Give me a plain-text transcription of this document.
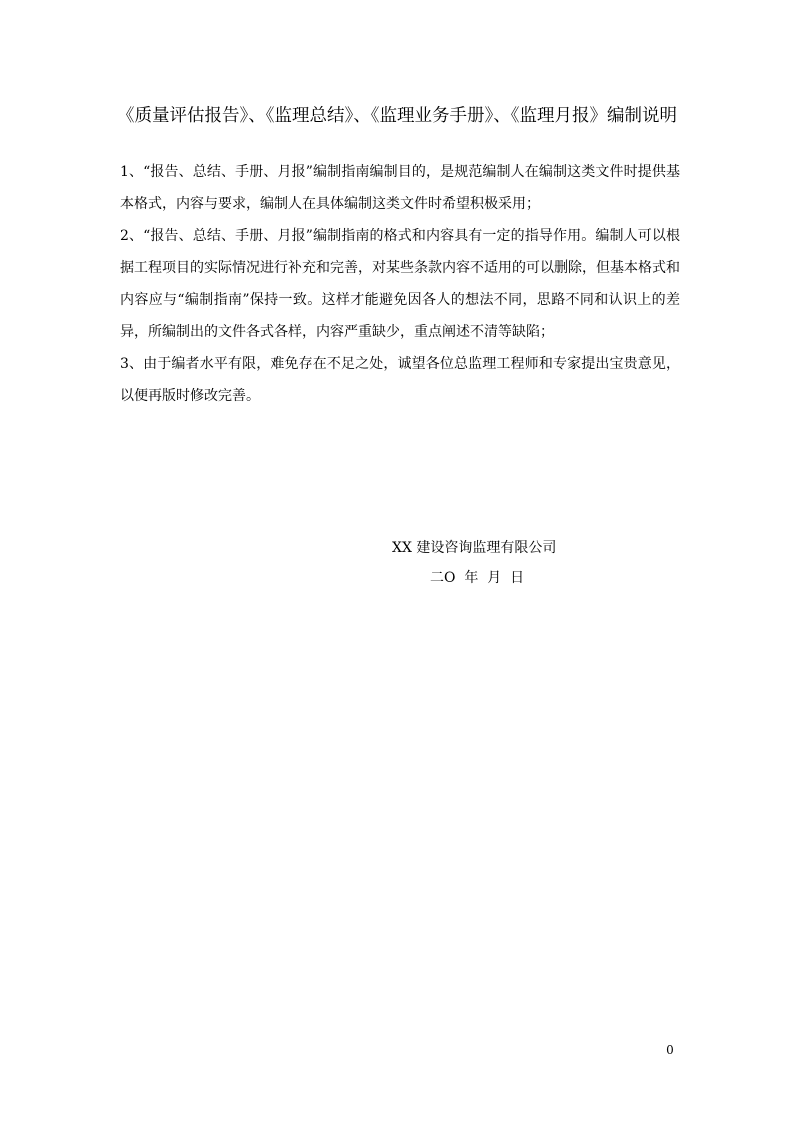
《质量评估报告》、《监理总结》、《监理业务手册》、《监理月报》编制说明

1、“报告、总结、手册、月报”编制指南编制目的，是规范编制人在编制这类文件时提供基本格式，内容与要求，编制人在具体编制这类文件时希望积极采用；

2、“报告、总结、手册、月报”编制指南的格式和内容具有一定的指导作用。编制人可以根据工程项目的实际情况进行补充和完善，对某些条款内容不适用的可以删除，但基本格式和内容应与“编制指南”保持一致。这样才能避免因各人的想法不同，思路不同和认识上的差异，所编制出的文件各式各样，内容严重缺少，重点阐述不清等缺陷；

3、由于编者水平有限，难免存在不足之处，诚望各位总监理工程师和专家提出宝贵意见，以便再版时修改完善。

XX 建设咨询监理有限公司
二O  年  月  日
0
